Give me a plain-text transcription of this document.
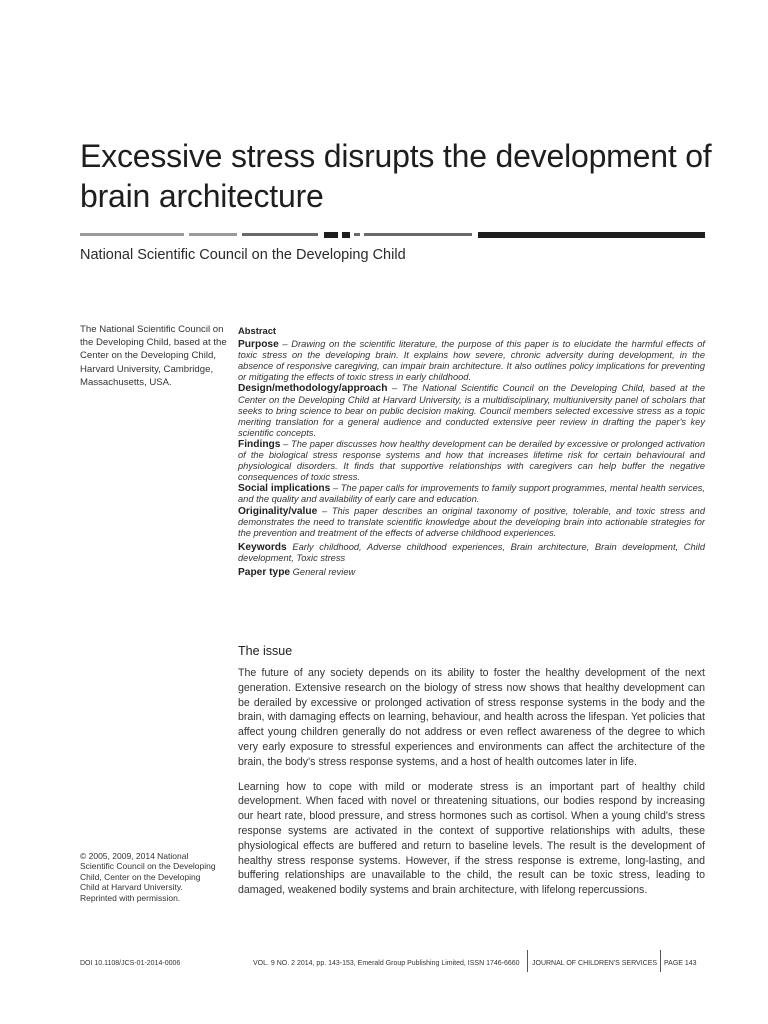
Excessive stress disrupts the development of brain architecture
National Scientific Council on the Developing Child
The National Scientific Council on the Developing Child, based at the Center on the Developing Child, Harvard University, Cambridge, Massachusetts, USA.
Abstract

Purpose – Drawing on the scientific literature, the purpose of this paper is to elucidate the harmful effects of toxic stress on the developing brain. It explains how severe, chronic adversity during development, in the absence of responsive caregiving, can impair brain architecture. It also outlines policy implications for preventing or mitigating the effects of toxic stress in early childhood.

Design/methodology/approach – The National Scientific Council on the Developing Child, based at the Center on the Developing Child at Harvard University, is a multidisciplinary, multiuniversity panel of scholars that seeks to bring science to bear on public decision making. Council members selected excessive stress as a topic meriting translation for a general audience and conducted extensive peer review in drafting the paper's key scientific concepts.

Findings – The paper discusses how healthy development can be derailed by excessive or prolonged activation of the biological stress response systems and how that increases lifetime risk for certain behavioural and physiological disorders. It finds that supportive relationships with caregivers can help buffer the negative consequences of toxic stress.

Social implications – The paper calls for improvements to family support programmes, mental health services, and the quality and availability of early care and education.

Originality/value – This paper describes an original taxonomy of positive, tolerable, and toxic stress and demonstrates the need to translate scientific knowledge about the developing brain into actionable strategies for the prevention and treatment of the effects of adverse childhood experiences.

Keywords Early childhood, Adverse childhood experiences, Brain architecture, Brain development, Child development, Toxic stress

Paper type General review

The issue

The future of any society depends on its ability to foster the healthy development of the next generation. Extensive research on the biology of stress now shows that healthy development can be derailed by excessive or prolonged activation of stress response systems in the body and the brain, with damaging effects on learning, behaviour, and health across the lifespan. Yet policies that affect young children generally do not address or even reflect awareness of the degree to which very early exposure to stressful experiences and environments can affect the architecture of the brain, the body's stress response systems, and a host of health outcomes later in life.

Learning how to cope with mild or moderate stress is an important part of healthy child development. When faced with novel or threatening situations, our bodies respond by increasing our heart rate, blood pressure, and stress hormones such as cortisol. When a young child's stress response systems are activated in the context of supportive relationships with adults, these physiological effects are buffered and return to baseline levels. The result is the development of healthy stress response systems. However, if the stress response is extreme, long-lasting, and buffering relationships are unavailable to the child, the result can be toxic stress, leading to damaged, weakened bodily systems and brain architecture, with lifelong repercussions.

© 2005, 2009, 2014 National Scientific Council on the Developing Child, Center on the Developing Child at Harvard University. Reprinted with permission.
DOI 10.1108/JCS-01-2014-0006	VOL. 9 NO. 2 2014, pp. 143-153, Emerald Group Publishing Limited, ISSN 1746-6660 JOURNAL OF CHILDREN'S SERVICES PAGE 143
